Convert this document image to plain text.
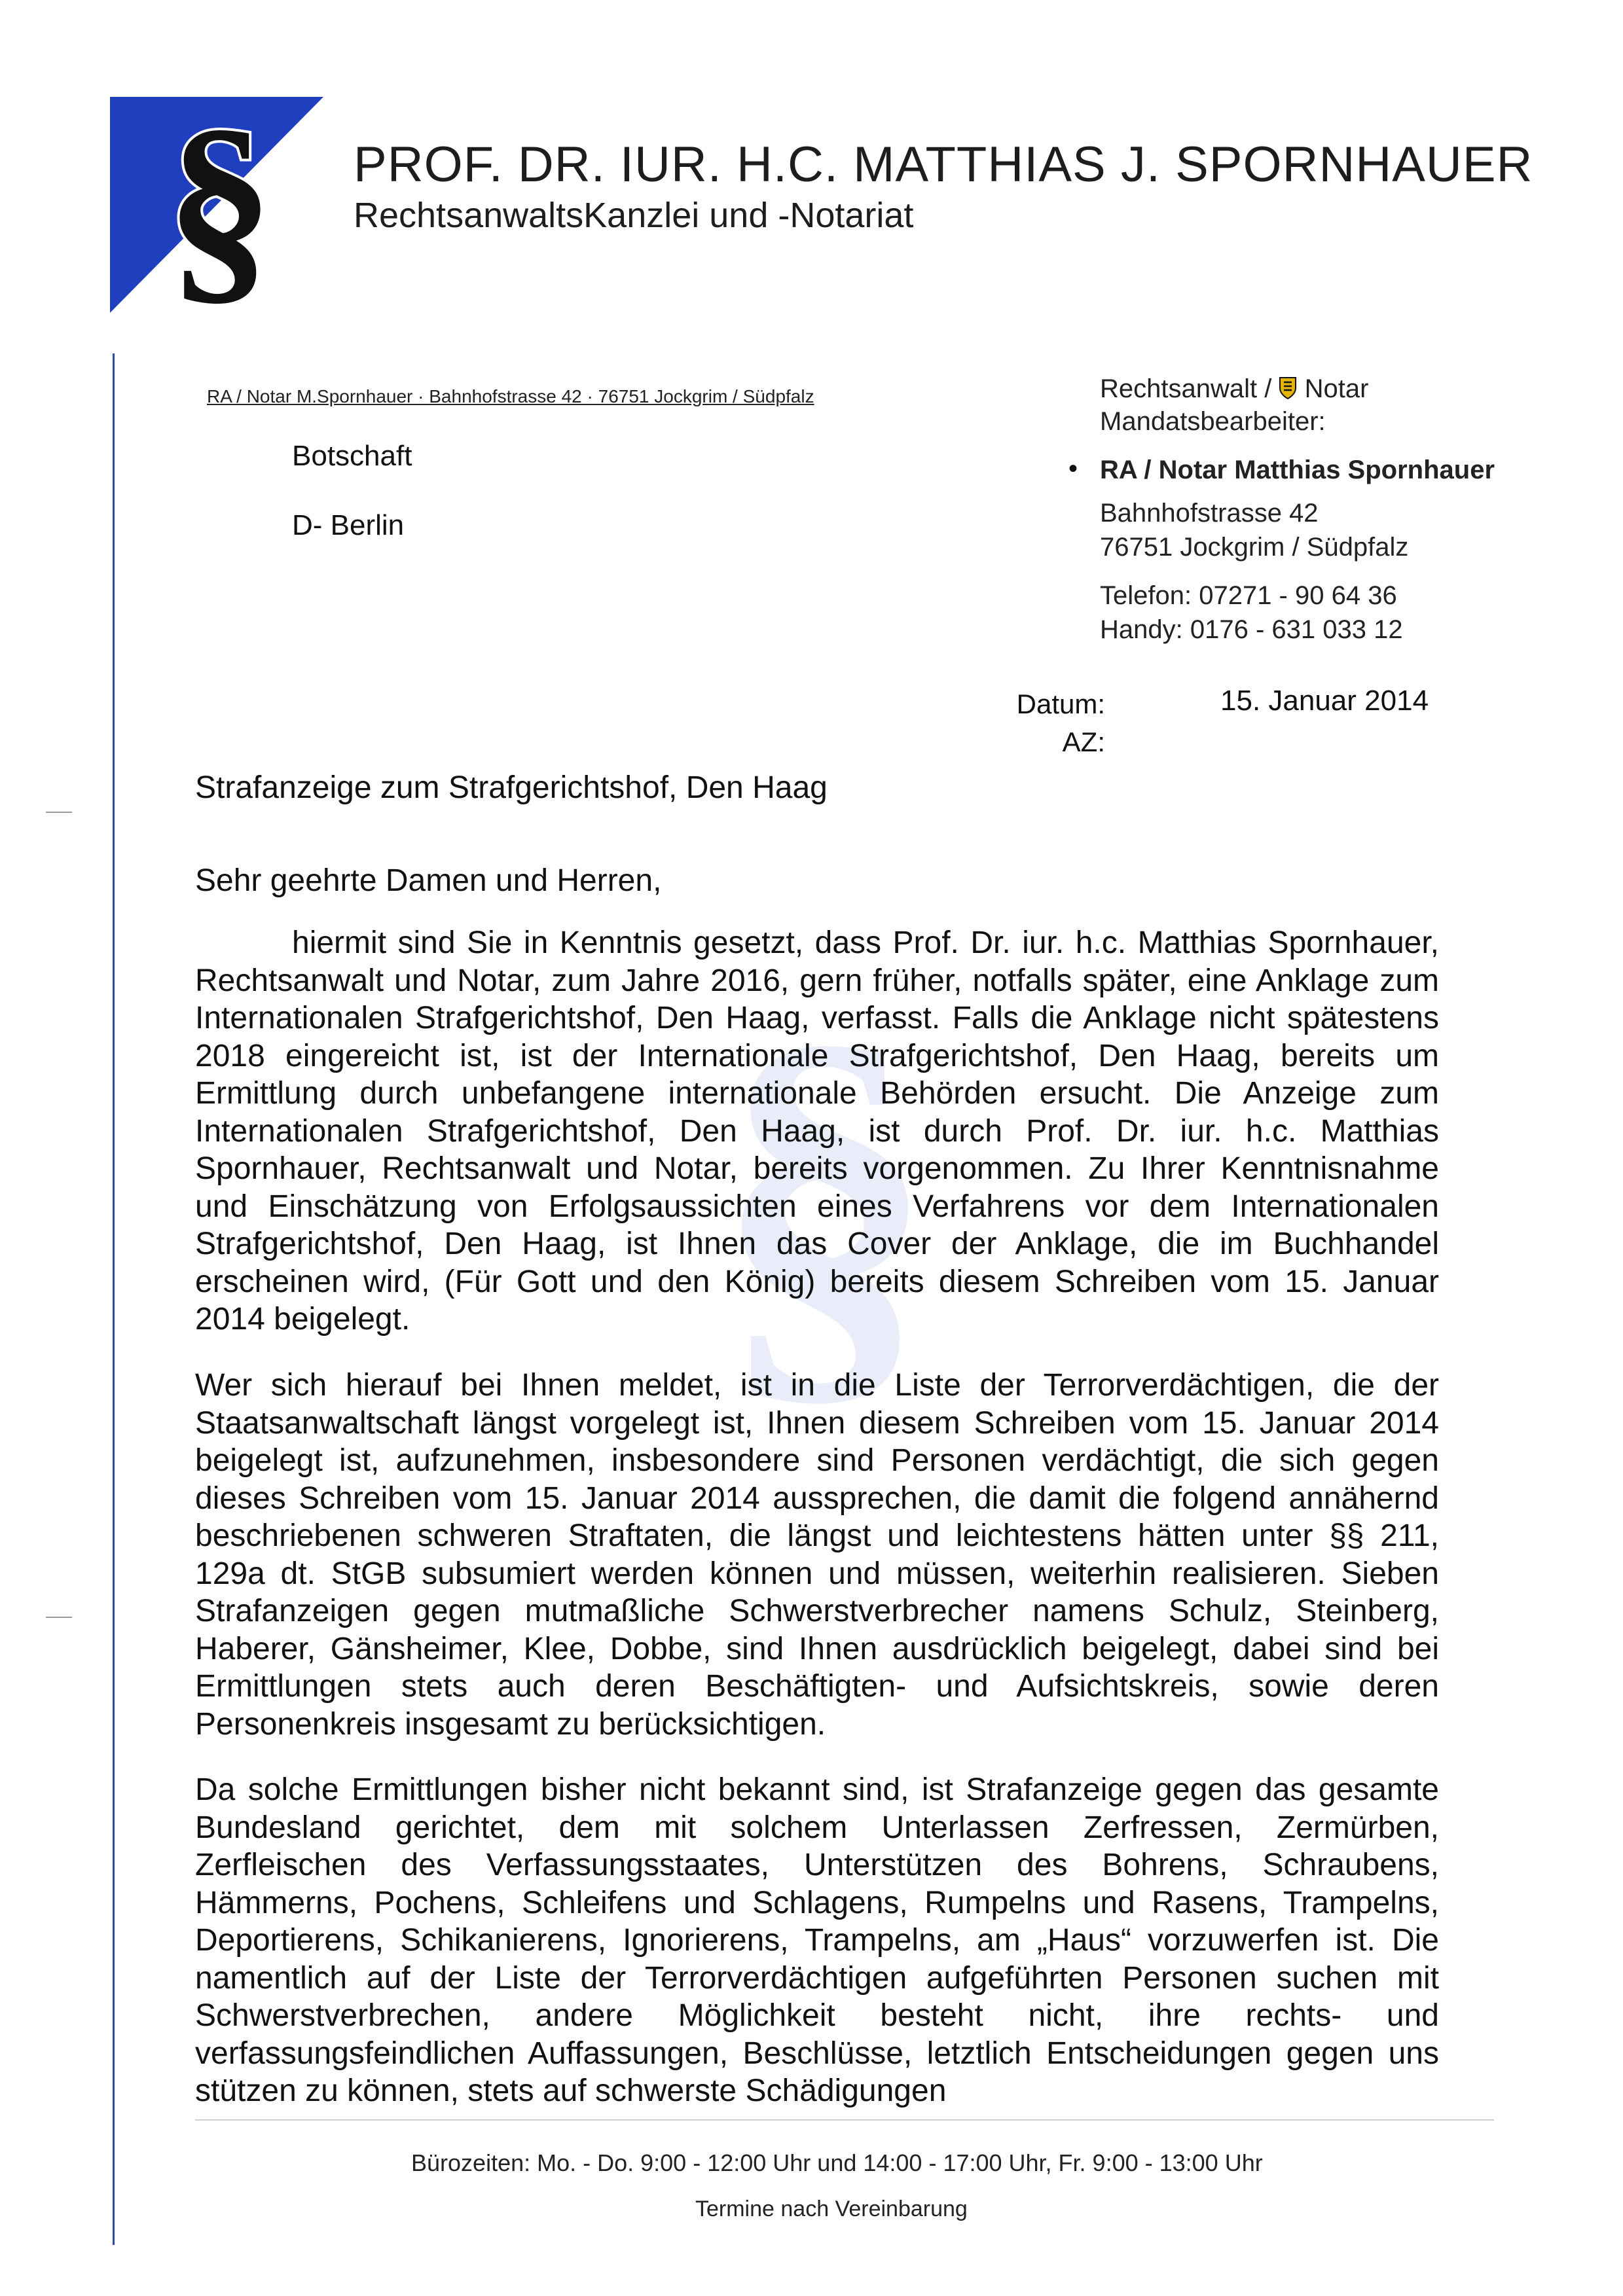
§ PROF. DR. IUR. H.C. MATTHIAS J. SPORNHAUER
RechtsanwaltsKanzlei und -Notariat
§
RA / Notar M.Spornhauer · Bahnhofstrasse 42 · 76751 Jockgrim / Südpfalz
Botschaft
D- Berlin
Rechtsanwalt / Notar
Mandatsbearbeiter:
• RA / Notar Matthias Spornhauer
Bahnhofstrasse 42
76751 Jockgrim / Südpfalz
Telefon: 07271 - 90 64 36
Handy: 0176 - 631 033 12
Datum:	15. Januar 2014
AZ:
Strafanzeige zum Strafgerichtshof, Den Haag
Sehr geehrte Damen und Herren,

hiermit sind Sie in Kenntnis gesetzt, dass Prof. Dr. iur. h.c. Matthias Spornhauer, Rechtsanwalt und Notar, zum Jahre 2016, gern früher, notfalls später, eine Anklage zum Internationalen Strafgerichtshof, Den Haag, verfasst. Falls die Anklage nicht spätestens 2018 eingereicht ist, ist der Internationale Strafgerichtshof, Den Haag, bereits um Ermittlung durch unbefangene internationale Behörden ersucht. Die Anzeige zum Internationalen Strafgerichtshof, Den Haag, ist durch Prof. Dr. iur. h.c. Matthias Spornhauer, Rechtsanwalt und Notar, bereits vorgenommen. Zu Ihrer Kenntnisnahme und Einschätzung von Erfolgsaussichten eines Verfahrens vor dem Internationalen Strafgerichtshof, Den Haag, ist Ihnen das Cover der Anklage, die im Buchhandel erscheinen wird, (Für Gott und den König) bereits diesem Schreiben vom 15. Januar 2014 beigelegt.

Wer sich hierauf bei Ihnen meldet, ist in die Liste der Terrorverdächtigen, die der Staatsanwaltschaft längst vorgelegt ist, Ihnen diesem Schreiben vom 15. Januar 2014 beigelegt ist, aufzunehmen, insbesondere sind Personen verdächtigt, die sich gegen dieses Schreiben vom 15. Januar 2014 aussprechen, die damit die folgend annähernd beschriebenen schweren Straftaten, die längst und leichtestens hätten unter §§ 211, 129a dt. StGB subsumiert werden können und müssen, weiterhin realisieren. Sieben Strafanzeigen gegen mutmaßliche Schwerstverbrecher namens Schulz, Steinberg, Haberer, Gänsheimer, Klee, Dobbe, sind Ihnen ausdrücklich beigelegt, dabei sind bei Ermittlungen stets auch deren Beschäftigten- und Aufsichtskreis, sowie deren Personenkreis insgesamt zu berücksichtigen.

Da solche Ermittlungen bisher nicht bekannt sind, ist Strafanzeige gegen das gesamte Bundesland gerichtet, dem mit solchem Unterlassen Zerfressen, Zermürben, Zerfleischen des Verfassungsstaates, Unterstützen des Bohrens, Schraubens, Hämmerns, Pochens, Schleifens und Schlagens, Rumpelns und Rasens, Trampelns, Deportierens, Schikanierens, Ignorierens, Trampelns, am „Haus“ vorzuwerfen ist. Die namentlich auf der Liste der Terrorverdächtigen aufgeführten Personen suchen mit Schwerstverbrechen, andere Möglichkeit besteht nicht, ihre rechts- und verfassungsfeindlichen Auffassungen, Beschlüsse, letztlich Entscheidungen gegen uns stützen zu können, stets auf schwerste Schädigungen

Bürozeiten: Mo. - Do. 9:00 - 12:00 Uhr und 14:00 - 17:00 Uhr, Fr. 9:00 - 13:00 Uhr
Termine nach Vereinbarung
